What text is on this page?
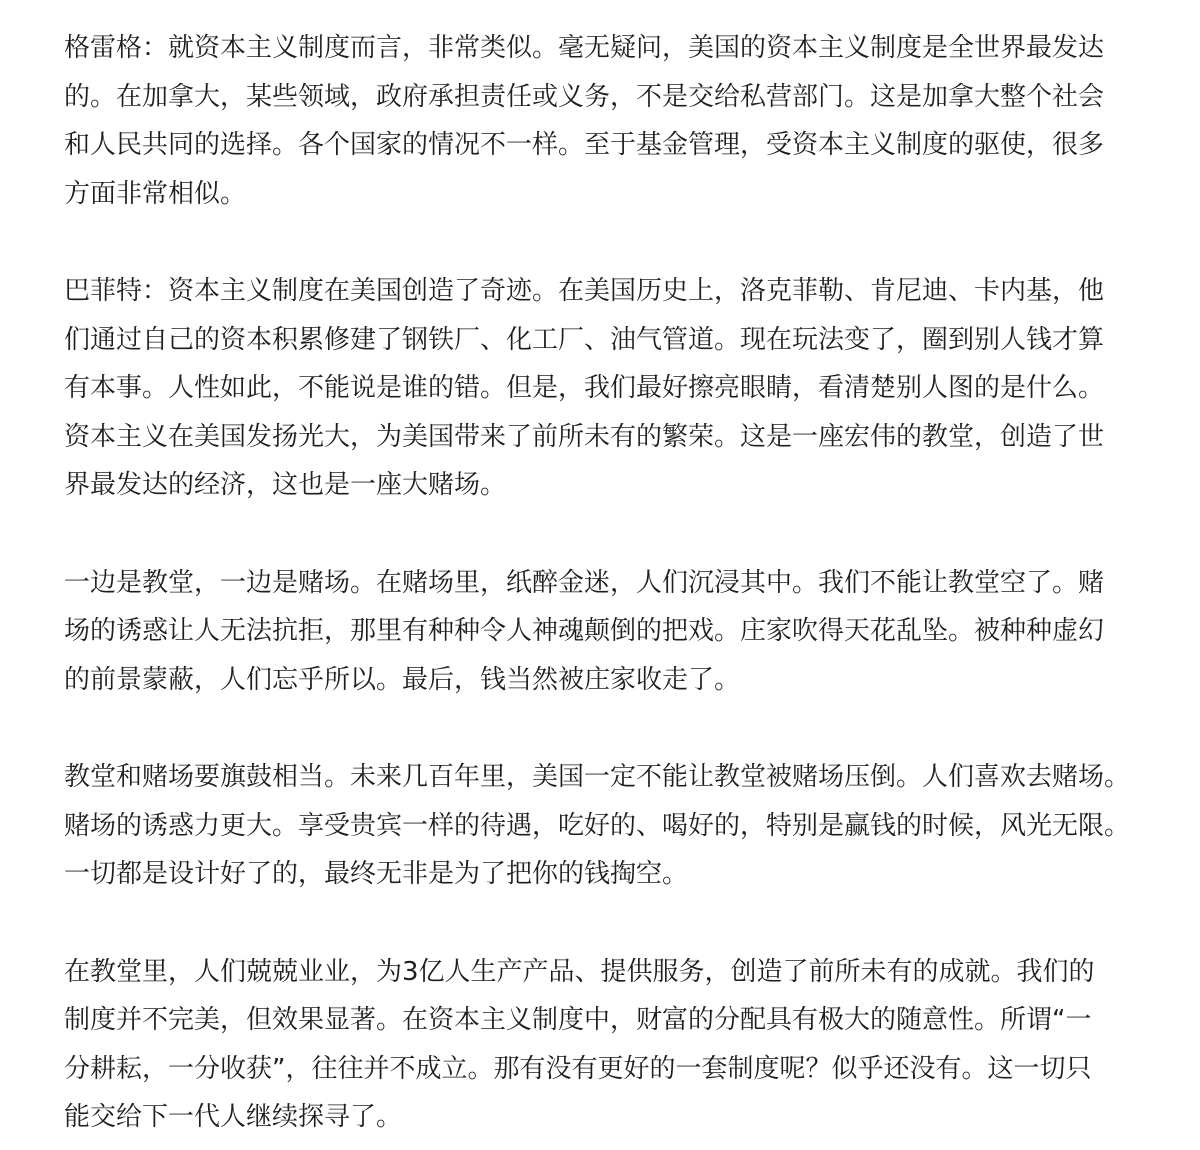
格雷格：就资本主义制度而言，非常类似。毫无疑问，美国的资本主义制度是全世界最发达
的。在加拿大，某些领域，政府承担责任或义务，不是交给私营部门。这是加拿大整个社会
和人民共同的选择。各个国家的情况不一样。至于基金管理，受资本主义制度的驱使，很多
方面非常相似。

巴菲特：资本主义制度在美国创造了奇迹。在美国历史上，洛克菲勒、肯尼迪、卡内基，他
们通过自己的资本积累修建了钢铁厂、化工厂、油气管道。现在玩法变了，圈到别人钱才算
有本事。人性如此，不能说是谁的错。但是，我们最好擦亮眼睛，看清楚别人图的是什么。
资本主义在美国发扬光大，为美国带来了前所未有的繁荣。这是一座宏伟的教堂，创造了世
界最发达的经济，这也是一座大赌场。

一边是教堂，一边是赌场。在赌场里，纸醉金迷，人们沉浸其中。我们不能让教堂空了。赌
场的诱惑让人无法抗拒，那里有种种令人神魂颠倒的把戏。庄家吹得天花乱坠。被种种虚幻
的前景蒙蔽，人们忘乎所以。最后，钱当然被庄家收走了。

教堂和赌场要旗鼓相当。未来几百年里，美国一定不能让教堂被赌场压倒。人们喜欢去赌场。
赌场的诱惑力更大。享受贵宾一样的待遇，吃好的、喝好的，特别是赢钱的时候，风光无限。
一切都是设计好了的，最终无非是为了把你的钱掏空。

在教堂里，人们兢兢业业，为3亿人生产产品、提供服务，创造了前所未有的成就。我们的
制度并不完美，但效果显著。在资本主义制度中，财富的分配具有极大的随意性。所谓“一
分耕耘，一分收获”，往往并不成立。那有没有更好的一套制度呢？似乎还没有。这一切只
能交给下一代人继续探寻了。
